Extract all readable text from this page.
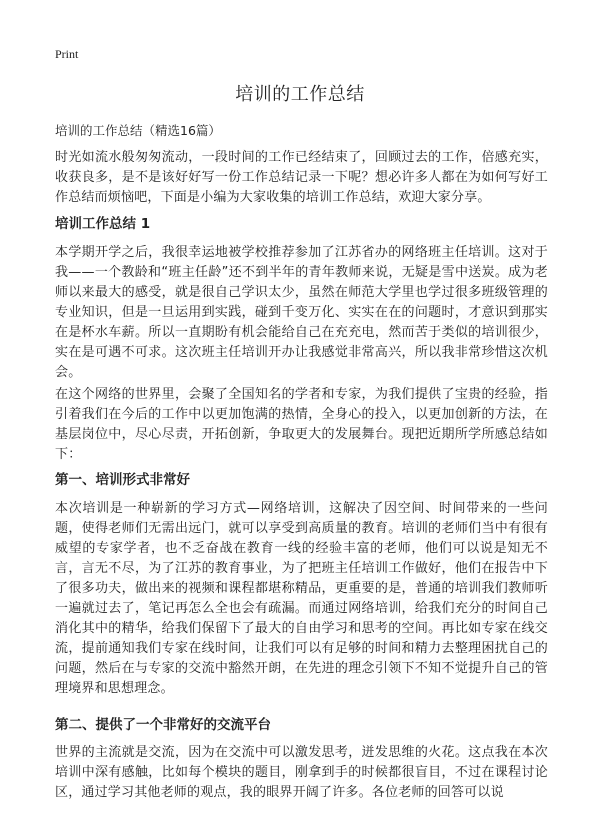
Print
培训的工作总结

培训的工作总结（精选16篇）

时光如流水般匆匆流动，一段时间的工作已经结束了，回顾过去的工作，倍感充实，收获良多，是不是该好好写一份工作总结记录一下呢？想必许多人都在为如何写好工作总结而烦恼吧，下面是小编为大家收集的培训工作总结，欢迎大家分享。

培训工作总结 1

本学期开学之后，我很幸运地被学校推荐参加了江苏省办的网络班主任培训。这对于我——一个教龄和“班主任龄”还不到半年的青年教师来说，无疑是雪中送炭。成为老师以来最大的感受，就是很自己学识太少，虽然在师范大学里也学过很多班级管理的专业知识，但是一旦运用到实践，碰到千变万化、实实在在的问题时，才意识到那实在是杯水车薪。所以一直期盼有机会能给自己在充充电，然而苦于类似的培训很少，实在是可遇不可求。这次班主任培训开办让我感觉非常高兴，所以我非常珍惜这次机会。

在这个网络的世界里，会聚了全国知名的学者和专家，为我们提供了宝贵的经验，指引着我们在今后的工作中以更加饱满的热情，全身心的投入，以更加创新的方法，在基层岗位中，尽心尽责，开拓创新，争取更大的发展舞台。现把近期所学所感总结如下：

第一、培训形式非常好

本次培训是一种崭新的学习方式—网络培训，这解决了因空间、时间带来的一些问题，使得老师们无需出远门，就可以享受到高质量的教育。培训的老师们当中有很有威望的专家学者，也不乏奋战在教育一线的经验丰富的老师，他们可以说是知无不言，言无不尽，为了江苏的教育事业，为了把班主任培训工作做好，他们在报告中下了很多功夫，做出来的视频和课程都堪称精品，更重要的是，普通的培训我们教师听一遍就过去了，笔记再怎么全也会有疏漏。而通过网络培训，给我们充分的时间自己消化其中的精华，给我们保留下了最大的自由学习和思考的空间。再比如专家在线交流，提前通知我们专家在线时间，让我们可以有足够的时间和精力去整理困扰自己的问题，然后在与专家的交流中豁然开朗，在先进的理念引领下不知不觉提升自己的管理境界和思想理念。

第二、提供了一个非常好的交流平台

世界的主流就是交流，因为在交流中可以激发思考，迸发思维的火花。这点我在本次培训中深有感触，比如每个模块的题目，刚拿到手的时候都很盲目，不过在课程讨论区，通过学习其他老师的观点，我的眼界开阔了许多。各位老师的回答可以说
